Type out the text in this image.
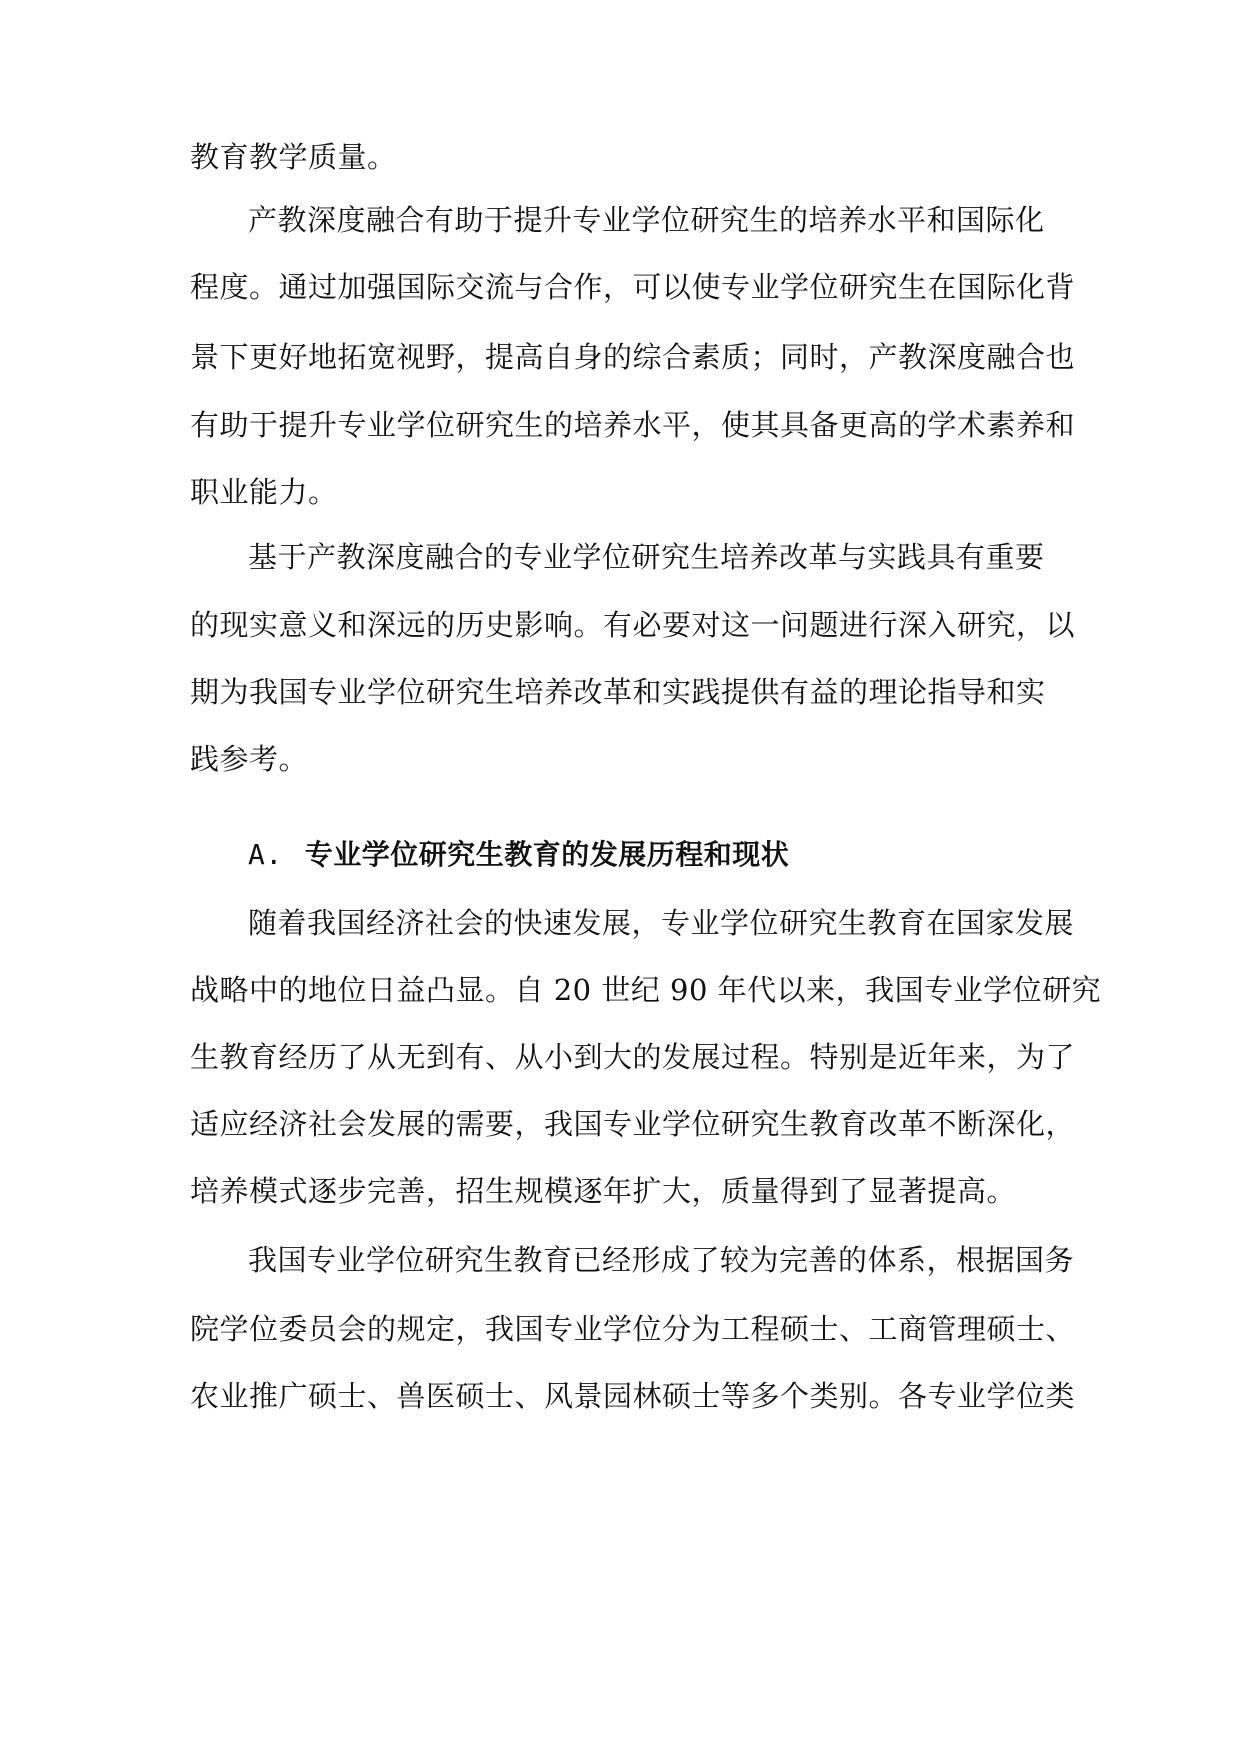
教育教学质量。
产教深度融合有助于提升专业学位研究生的培养水平和国际化
程度。通过加强国际交流与合作，可以使专业学位研究生在国际化背
景下更好地拓宽视野，提高自身的综合素质；同时，产教深度融合也
有助于提升专业学位研究生的培养水平，使其具备更高的学术素养和
职业能力。
基于产教深度融合的专业学位研究生培养改革与实践具有重要
的现实意义和深远的历史影响。有必要对这一问题进行深入研究，以
期为我国专业学位研究生培养改革和实践提供有益的理论指导和实
践参考。
A. 专业学位研究生教育的发展历程和现状
随着我国经济社会的快速发展，专业学位研究生教育在国家发展
战略中的地位日益凸显。自 20 世纪 90 年代以来，我国专业学位研究
生教育经历了从无到有、从小到大的发展过程。特别是近年来，为了
适应经济社会发展的需要，我国专业学位研究生教育改革不断深化，
培养模式逐步完善，招生规模逐年扩大，质量得到了显著提高。
我国专业学位研究生教育已经形成了较为完善的体系，根据国务
院学位委员会的规定，我国专业学位分为工程硕士、工商管理硕士、
农业推广硕士、兽医硕士、风景园林硕士等多个类别。各专业学位类
